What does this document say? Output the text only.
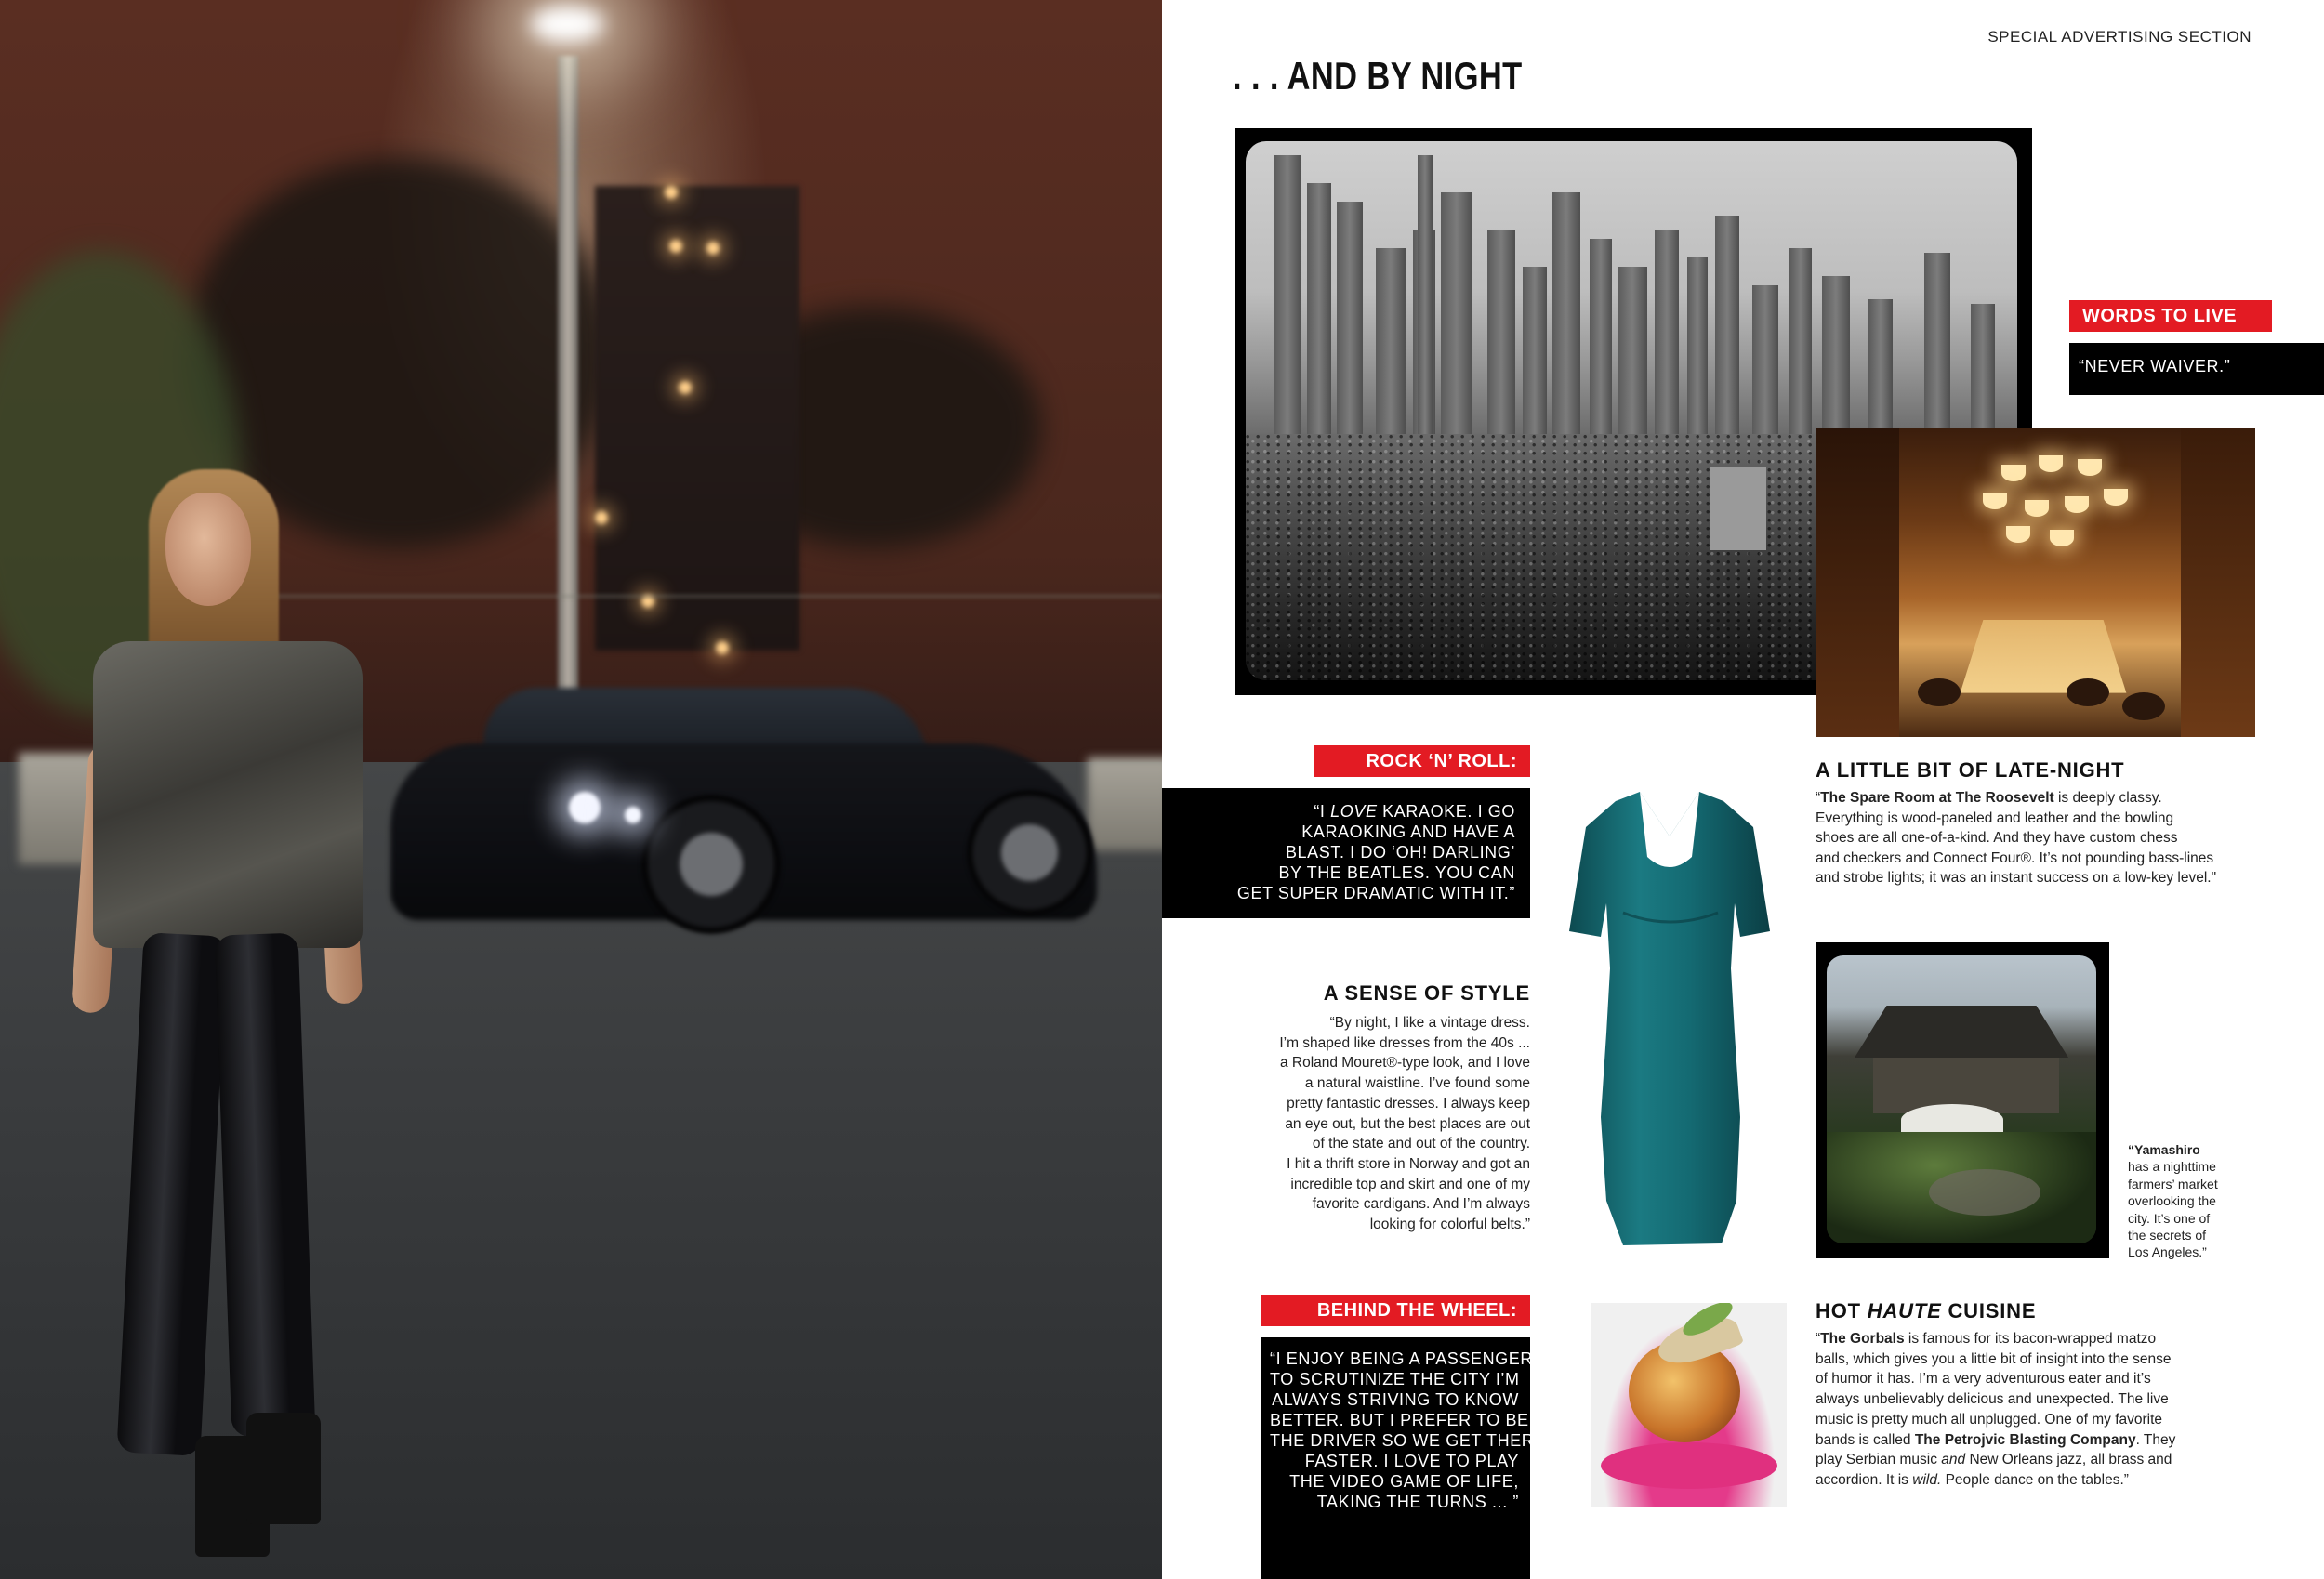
SPECIAL ADVERTISING SECTION
. . . AND BY NIGHT
WORDS TO LIVE
“NEVER WAIVER.”
A LITTLE BIT OF LATE-NIGHT
“The Spare Room at The Roosevelt is deeply classy.
Everything is wood-paneled and leather and the bowling
shoes are all one-of-a-kind. And they have custom chess
and checkers and Connect Four®. It’s not pounding bass-lines
and strobe lights; it was an instant success on a low-key level."
ROCK ‘N’ ROLL:
“I LOVE KARAOKE. I GO
KARAOKING AND HAVE A
BLAST. I DO ‘OH! DARLING’
BY THE BEATLES. YOU CAN
GET SUPER DRAMATIC WITH IT.”
A SENSE OF STYLE
“By night, I like a vintage dress.
I’m shaped like dresses from the 40s ...
a Roland Mouret®-type look, and I love
a natural waistline. I’ve found some
pretty fantastic dresses. I always keep
an eye out, but the best places are out
of the state and out of the country.
I hit a thrift store in Norway and got an
incredible top and skirt and one of my
favorite cardigans. And I’m always
looking for colorful belts.”
“Yamashiro
has a nighttime
farmers’ market
overlooking the
city. It’s one of
the secrets of
Los Angeles.”
BEHIND THE WHEEL:
“I ENJOY BEING A PASSENGER,
TO SCRUTINIZE THE CITY I’M
ALWAYS STRIVING TO KNOW
BETTER. BUT I PREFER TO BE
THE DRIVER SO WE GET THERE
FASTER. I LOVE TO PLAY
THE VIDEO GAME OF LIFE,
TAKING THE TURNS ... ”
HOT HAUTE CUISINE
“The Gorbals is famous for its bacon-wrapped matzo
balls, which gives you a little bit of insight into the sense
of humor it has. I’m a very adventurous eater and it’s
always unbelievably delicious and unexpected. The live
music is pretty much all unplugged. One of my favorite
bands is called The Petrojvic Blasting Company. They
play Serbian music and New Orleans jazz, all brass and
accordion. It is wild. People dance on the tables.”
